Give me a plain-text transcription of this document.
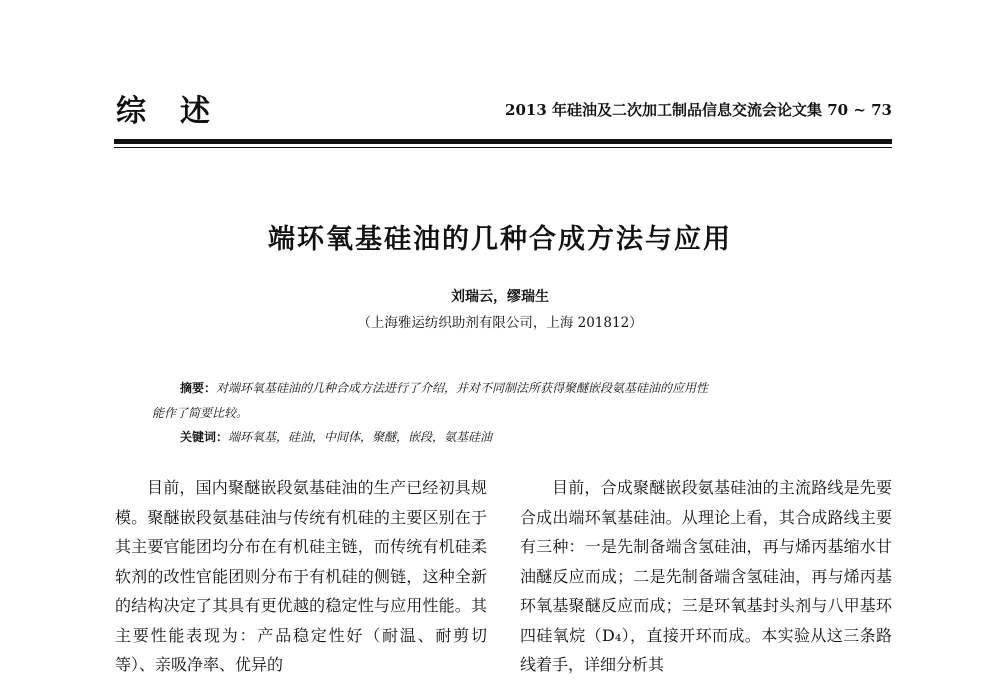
综述	2013 年硅油及二次加工制品信息交流会论文集 70 ~ 73
端环氧基硅油的几种合成方法与应用
刘瑞云，缪瑞生
（上海雅运纺织助剂有限公司，上海 201812）
摘要：对端环氧基硅油的几种合成方法进行了介绍，并对不同制法所获得聚醚嵌段氨基硅油的应用性
能作了简要比较。
关键词：端环氧基，硅油，中间体，聚醚，嵌段，氨基硅油

目前，国内聚醚嵌段氨基硅油的生产已经初具规模。聚醚嵌段氨基硅油与传统有机硅的主要区别在于其主要官能团均分布在有机硅主链，而传统有机硅柔软剂的改性官能团则分布于有机硅的侧链，这种全新的结构决定了其具有更优越的稳定性与应用性能。其主要性能表现为：产品稳定性好（耐温、耐剪切等）、亲吸净率、优异的

目前，合成聚醚嵌段氨基硅油的主流路线是先要合成出端环氧基硅油。从理论上看，其合成路线主要有三种：一是先制备端含氢硅油，再与烯丙基缩水甘油醚反应而成；二是先制备端含氢硅油，再与烯丙基环氧基聚醚反应而成；三是环氧基封头剂与八甲基环四硅氧烷（D₄），直接开环而成。本实验从这三条路线着手，详细分析其
